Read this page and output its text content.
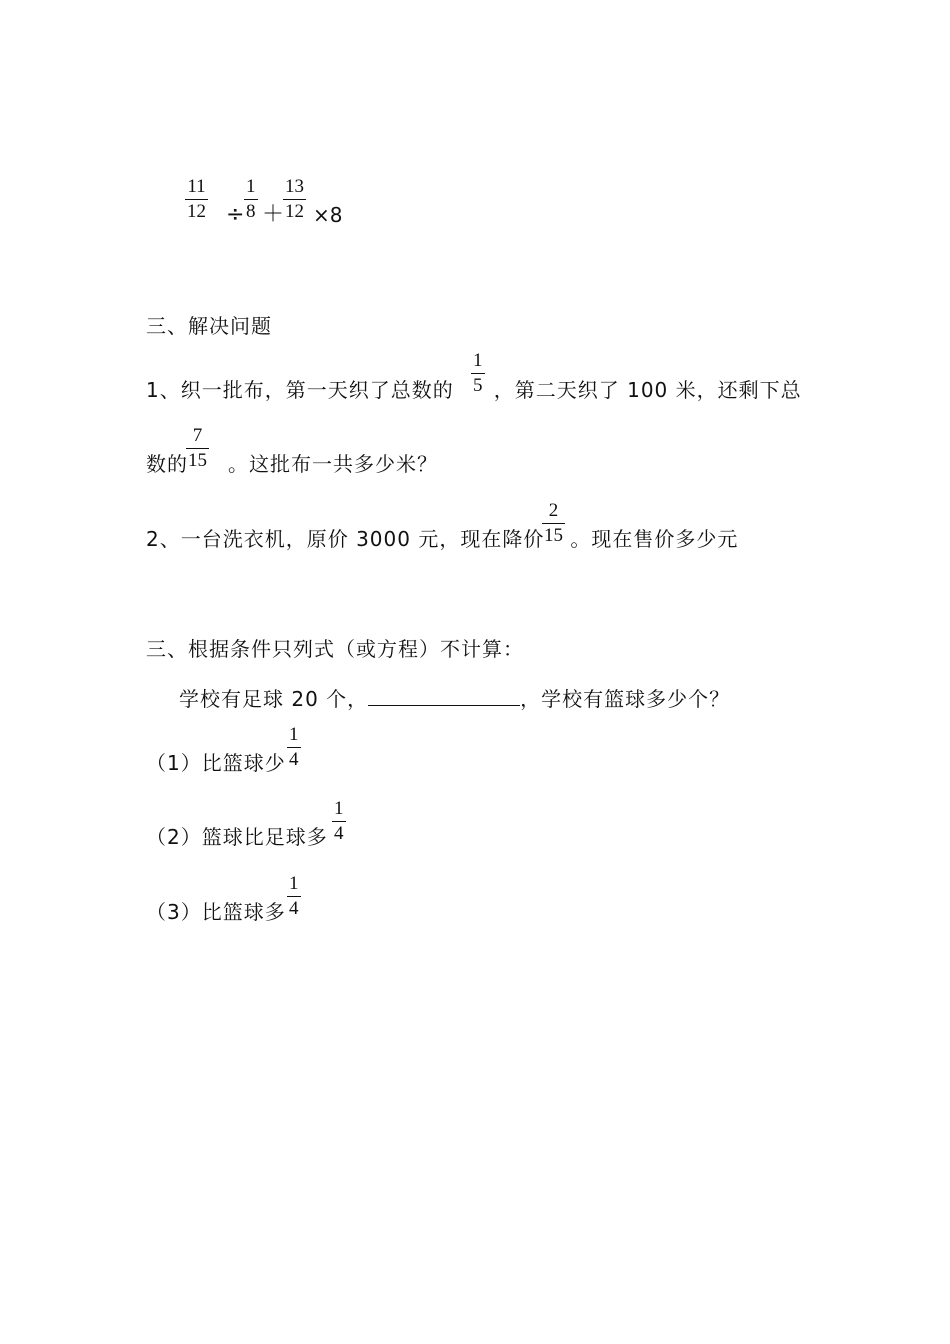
11
12 ÷
1
8 ＋
13
12 ×8
三、解决问题
1、织一批布，第一天织了总数的 ，第二天织了 100 米，还剩下总
1
5
数的 。这批布一共多少米？
7
15
2、一台洗衣机，原价 3000 元，现在降价 。现在售价多少元
2
15
三、根据条件只列式（或方程）不计算：
学校有足球 20 个，	，学校有篮球多少个？
（1）比篮球少
1
4
（2）篮球比足球多
1
4
（3）比篮球多
1
4
